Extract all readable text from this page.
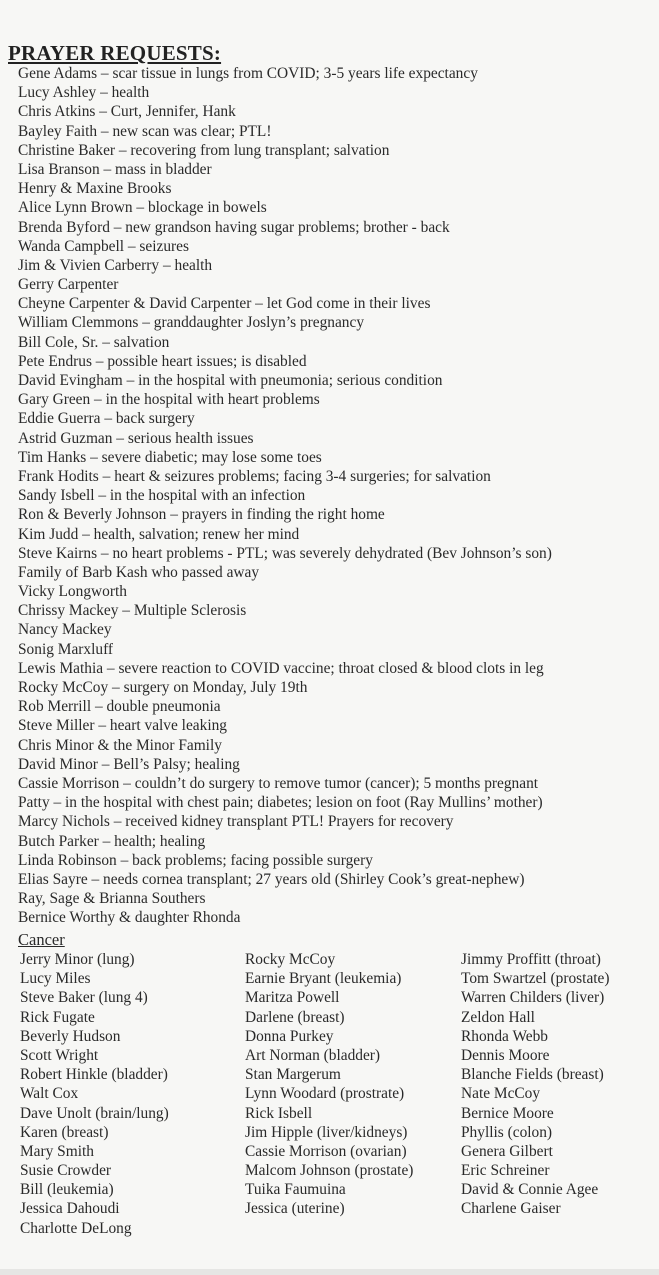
PRAYER REQUESTS:
Gene Adams – scar tissue in lungs from COVID; 3-5 years life expectancy
Lucy Ashley – health
Chris Atkins – Curt, Jennifer, Hank
Bayley Faith – new scan was clear; PTL!
Christine Baker – recovering from lung transplant; salvation
Lisa Branson – mass in bladder
Henry & Maxine Brooks
Alice Lynn Brown – blockage in bowels
Brenda Byford – new grandson having sugar problems; brother - back
Wanda Campbell – seizures
Jim & Vivien Carberry – health
Gerry Carpenter
Cheyne Carpenter & David Carpenter – let God come in their lives
William Clemmons – granddaughter Joslyn’s pregnancy
Bill Cole, Sr. – salvation
Pete Endrus – possible heart issues; is disabled
David Evingham – in the hospital with pneumonia; serious condition
Gary Green – in the hospital with heart problems
Eddie Guerra – back surgery
Astrid Guzman – serious health issues
Tim Hanks – severe diabetic; may lose some toes
Frank Hodits – heart & seizures problems; facing 3-4 surgeries; for salvation
Sandy Isbell – in the hospital with an infection
Ron & Beverly Johnson – prayers in finding the right home
Kim Judd – health, salvation; renew her mind
Steve Kairns – no heart problems - PTL; was severely dehydrated (Bev Johnson’s son)
Family of Barb Kash who passed away
Vicky Longworth
Chrissy Mackey – Multiple Sclerosis
Nancy Mackey
Sonig Marxluff
Lewis Mathia – severe reaction to COVID vaccine; throat closed & blood clots in leg
Rocky McCoy – surgery on Monday, July 19th
Rob Merrill – double pneumonia
Steve Miller – heart valve leaking
Chris Minor & the Minor Family
David Minor – Bell’s Palsy; healing
Cassie Morrison – couldn’t do surgery to remove tumor (cancer); 5 months pregnant
Patty – in the hospital with chest pain; diabetes; lesion on foot (Ray Mullins’ mother)
Marcy Nichols – received kidney transplant PTL! Prayers for recovery
Butch Parker – health; healing
Linda Robinson – back problems; facing possible surgery
Elias Sayre – needs cornea transplant; 27 years old (Shirley Cook’s great-nephew)
Ray, Sage & Brianna Southers
Bernice Worthy & daughter Rhonda
Cancer
Jerry Minor (lung)
Lucy Miles
Steve Baker (lung 4)
Rick Fugate
Beverly Hudson
Scott Wright
Robert Hinkle (bladder)
Walt Cox
Dave Unolt (brain/lung)
Karen (breast)
Mary Smith
Susie Crowder
Bill (leukemia)
Jessica Dahoudi
Charlotte DeLong
Rocky McCoy
Earnie Bryant (leukemia)
Maritza Powell
Darlene (breast)
Donna Purkey
Art Norman (bladder)
Stan Margerum
Lynn Woodard (prostrate)
Rick Isbell
Jim Hipple (liver/kidneys)
Cassie Morrison (ovarian)
Malcom Johnson (prostate)
Tuika Faumuina
Jessica (uterine)
Jimmy Proffitt (throat)
Tom Swartzel (prostate)
Warren Childers (liver)
Zeldon Hall
Rhonda Webb
Dennis Moore
Blanche Fields (breast)
Nate McCoy
Bernice Moore
Phyllis (colon)
Genera Gilbert
Eric Schreiner
David & Connie Agee
Charlene Gaiser
